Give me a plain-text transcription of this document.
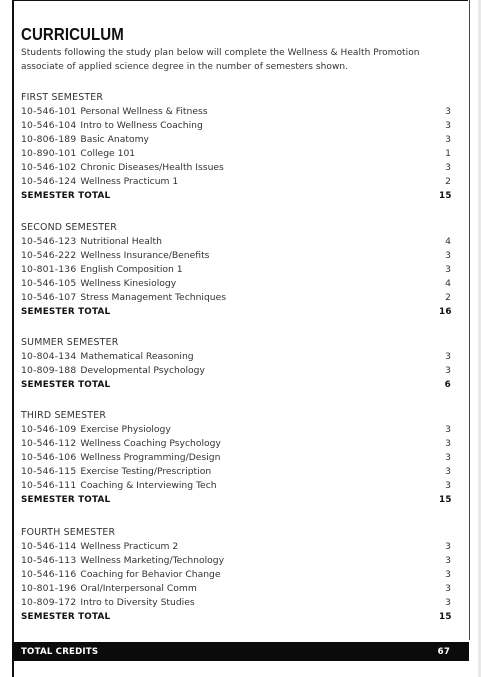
CURRICULUM

Students following the study plan below will complete the Wellness & Health Promotion associate of applied science degree in the number of semesters shown.

FIRST SEMESTER
10-546-101 Personal Wellness & Fitness	3
10-546-104 Intro to Wellness Coaching	3
10-806-189 Basic Anatomy	3
10-890-101 College 101	1
10-546-102 Chronic Diseases/Health Issues	3
10-546-124 Wellness Practicum 1	2
SEMESTER TOTAL	15
SECOND SEMESTER
10-546-123 Nutritional Health	4
10-546-222 Wellness Insurance/Benefits	3
10-801-136 English Composition 1	3
10-546-105 Wellness Kinesiology	4
10-546-107 Stress Management Techniques	2
SEMESTER TOTAL	16
SUMMER SEMESTER
10-804-134 Mathematical Reasoning	3
10-809-188 Developmental Psychology	3
SEMESTER TOTAL	6
THIRD SEMESTER
10-546-109 Exercise Physiology	3
10-546-112 Wellness Coaching Psychology	3
10-546-106 Wellness Programming/Design	3
10-546-115 Exercise Testing/Prescription	3
10-546-111 Coaching & Interviewing Tech	3
SEMESTER TOTAL	15
FOURTH SEMESTER
10-546-114 Wellness Practicum 2	3
10-546-113 Wellness Marketing/Technology	3
10-546-116 Coaching for Behavior Change	3
10-801-196 Oral/Interpersonal Comm	3
10-809-172 Intro to Diversity Studies	3
SEMESTER TOTAL	15
TOTAL CREDITS	67
